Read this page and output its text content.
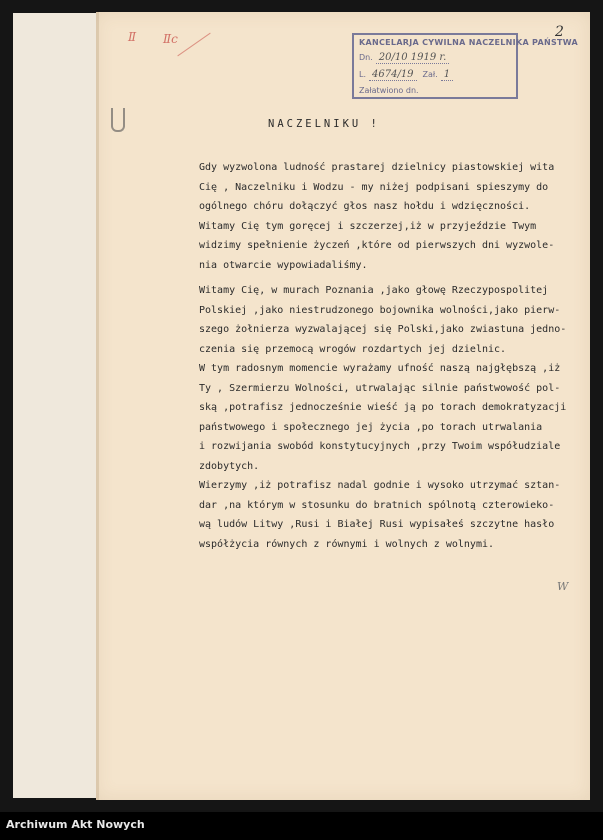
2
Ⅱ Ⅱc	KANCELARJA CYWILNA NACZELNIKA PAŃSTWA
Dn. 20/10 1919 r.
L. 4674/19	Zał. 1
Załatwiono dn.
NACZELNIKU !
Gdy wyzwolona ludność prastarej dzielnicy piastowskiej wita
Cię , Naczelniku i Wodzu - my niżej podpisani spieszymy do
ogólnego chóru dołączyć głos nasz hołdu i wdzięczności.
Witamy Cię tym goręcej i szczerzej,iż w przyjeździe Twym
widzimy spełnienie życzeń ,które od pierwszych dni wyzwole-
nia otwarcie wypowiadaliśmy.
Witamy Cię, w murach Poznania ,jako głowę Rzeczypospolitej
Polskiej ,jako niestrudzonego bojownika wolności,jako pierw-
szego żołnierza wyzwalającej się Polski,jako zwiastuna jedno-
czenia się przemocą wrogów rozdartych jej dzielnic.
W tym radosnym momencie wyrażamy ufność naszą najgłębszą ,iż
Ty , Szermierzu Wolności, utrwalając silnie państwowość pol-
ską ,potrafisz jednocześnie wieść ją po torach demokratyzacji
państwowego i społecznego jej życia ,po torach utrwalania
i rozwijania swobód konstytucyjnych ,przy Twoim współudziale
zdobytych.
Wierzymy ,iż potrafisz nadal godnie i wysoko utrzymać sztan-
dar ,na którym w stosunku do bratnich spólnotą czterowieko-
wą ludów Litwy ,Rusi i Białej Rusi wypisałeś szczytne hasło
współżycia równych z równymi i wolnych z wolnymi.
W
Archiwum Akt Nowych
